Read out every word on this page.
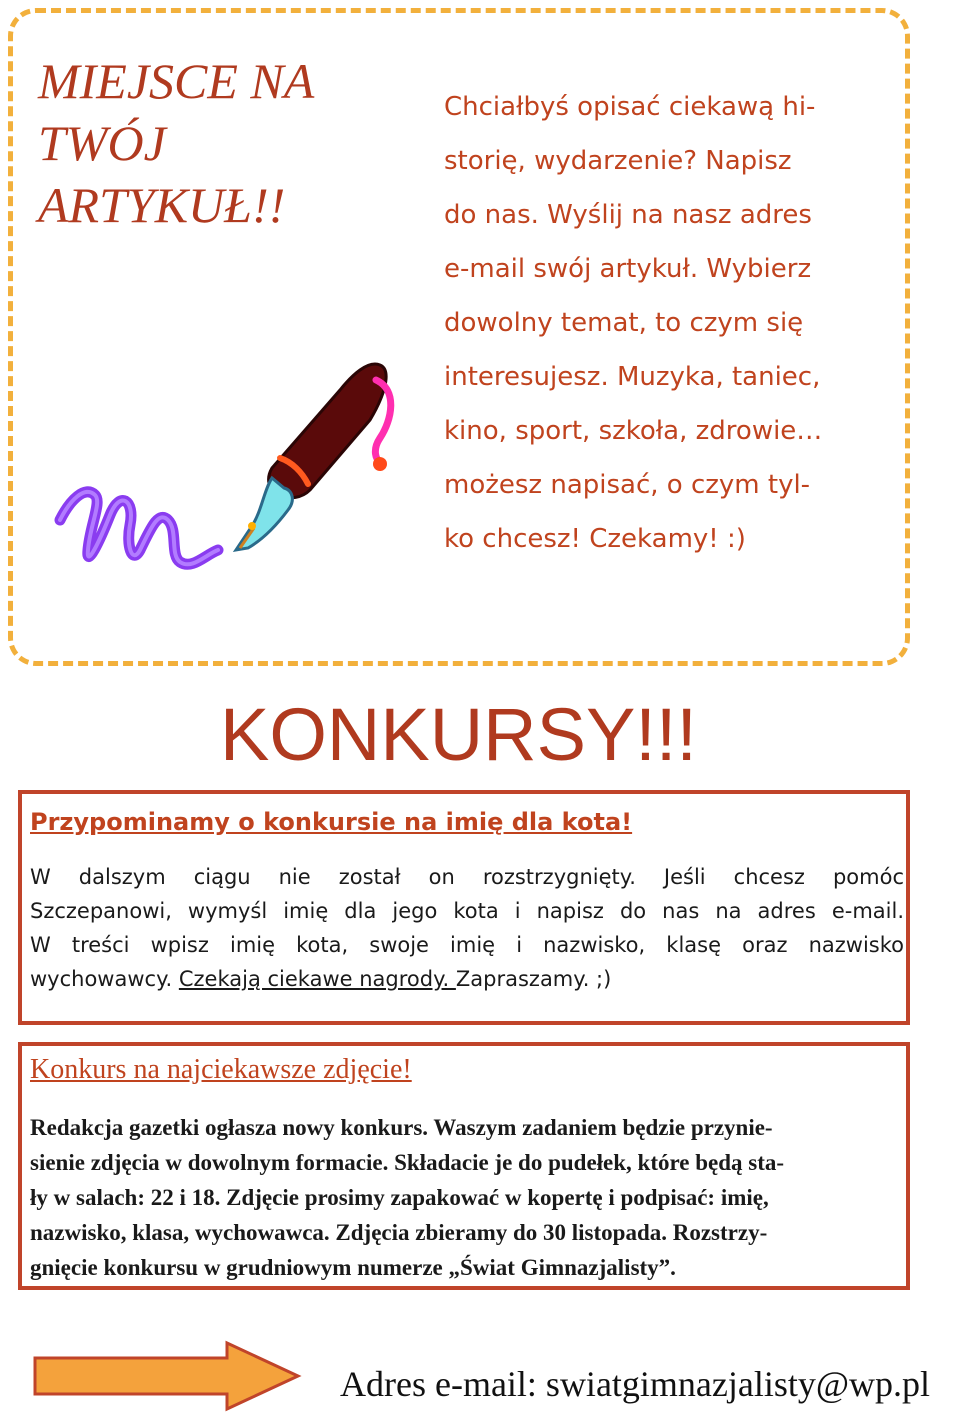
MIEJSCE NA
TWÓJ
ARTYKUŁ!!
Chciałbyś opisać ciekawą hi-
storię, wydarzenie? Napisz
do nas. Wyślij na nasz adres
e-mail swój artykuł. Wybierz
dowolny temat, to czym się
interesujesz. Muzyka, taniec,
kino, sport, szkoła, zdrowie…
możesz napisać, o czym tyl-
ko chcesz! Czekamy! :)
KONKURSY!!!
Przypominamy o konkursie na imię dla kota!
W dalszym ciągu nie został on rozstrzygnięty. Jeśli chcesz pomóc
Szczepanowi, wymyśl imię dla jego kota i napisz do nas na adres e-mail.
W treści wpisz imię kota, swoje imię i nazwisko, klasę oraz nazwisko
wychowawcy. Czekają ciekawe nagrody. Zapraszamy. ;)
Konkurs na najciekawsze zdjęcie!
Redakcja gazetki ogłasza nowy konkurs. Waszym zadaniem będzie przynie-
sienie zdjęcia w dowolnym formacie. Składacie je do pudełek, które będą sta-
ły w salach: 22 i 18. Zdjęcie prosimy zapakować w kopertę i podpisać: imię,
nazwisko, klasa, wychowawca. Zdjęcia zbieramy do 30 listopada. Rozstrzy-
gnięcie konkursu w grudniowym numerze „Świat Gimnazjalisty”.
Adres e-mail: swiatgimnazjalisty@wp.pl
